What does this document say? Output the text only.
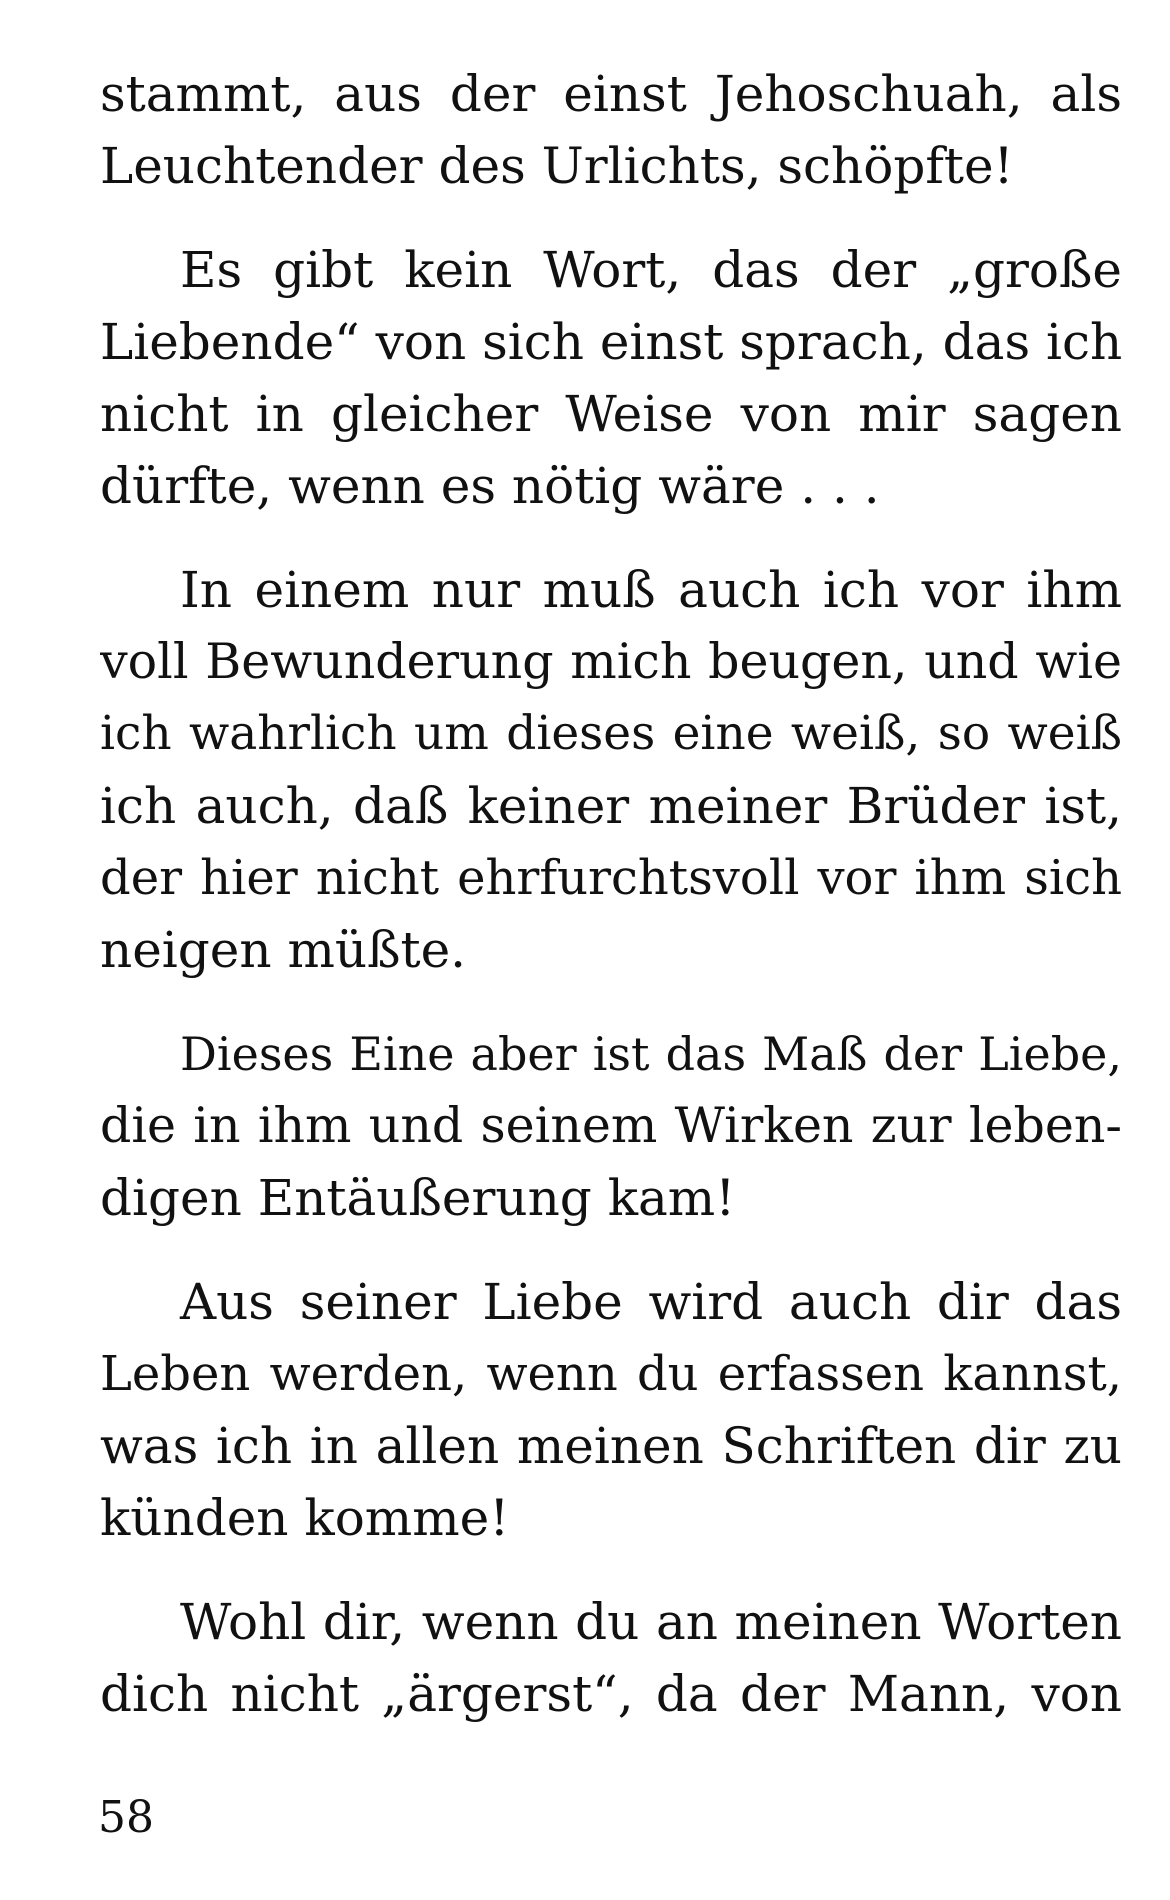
stammt, aus der einst Jehoschuah, als
Leuchtender des Urlichts, schöpfte!
Es gibt kein Wort, das der „große
Liebende“ von sich einst sprach, das ich
nicht in gleicher Weise von mir sagen
dürfte, wenn es nötig wäre . . .
In einem nur muß auch ich vor ihm
voll Bewunderung mich beugen, und wie
ich wahrlich um dieses eine weiß, so weiß
ich auch, daß keiner meiner Brüder ist,
der hier nicht ehrfurchtsvoll vor ihm sich
neigen müßte.
Dieses Eine aber ist das Maß der Liebe,
die in ihm und seinem Wirken zur leben-
digen Entäußerung kam!
Aus seiner Liebe wird auch dir das
Leben werden, wenn du erfassen kannst,
was ich in allen meinen Schriften dir zu
künden komme!
Wohl dir, wenn du an meinen Worten
dich nicht „ärgerst“, da der Mann, von
58
